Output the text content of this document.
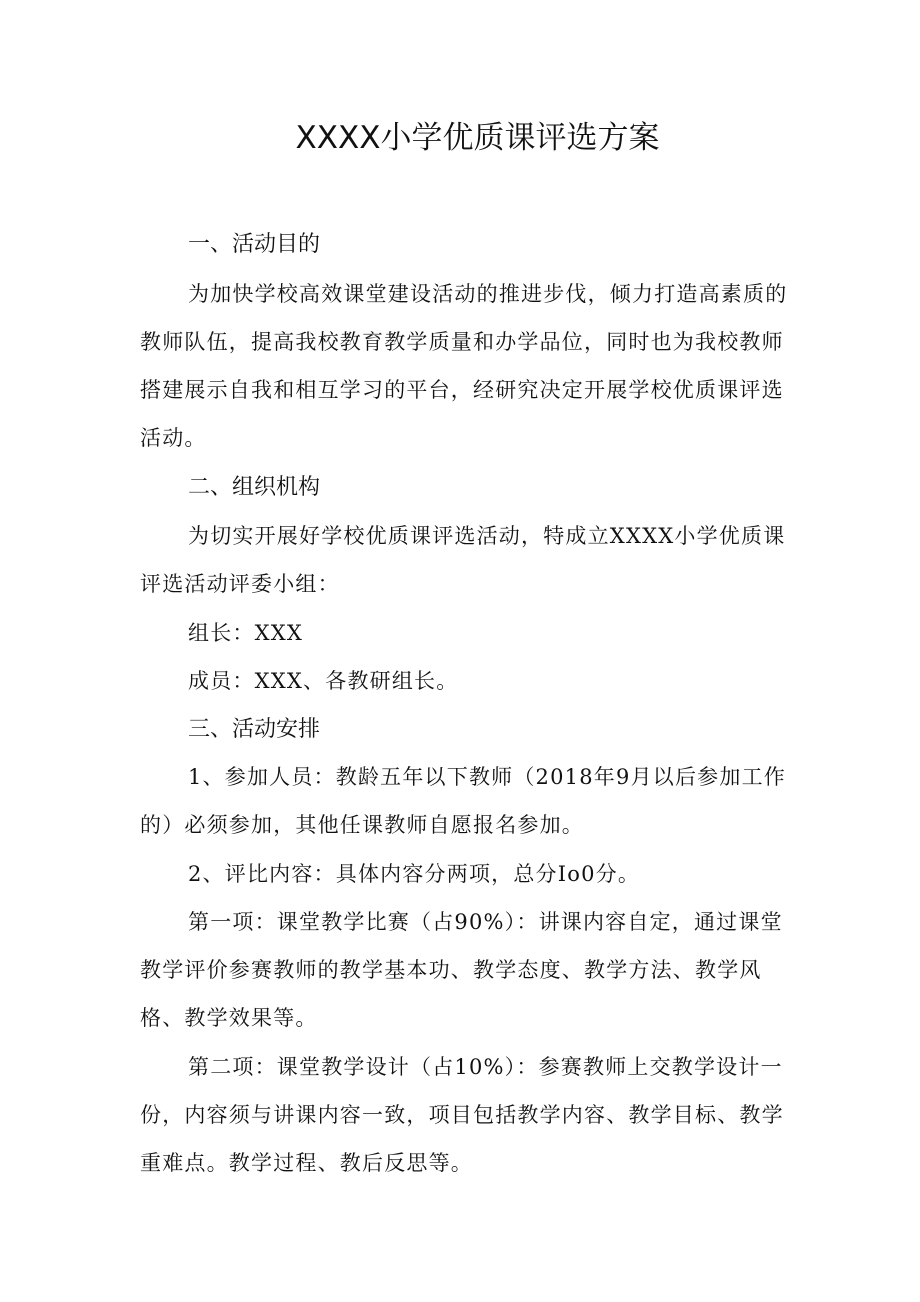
XXXX小学优质课评选方案
一、活动目的

为加快学校高效课堂建设活动的推进步伐，倾力打造高素质的教师队伍，提高我校教育教学质量和办学品位，同时也为我校教师搭建展示自我和相互学习的平台，经研究决定开展学校优质课评选活动。

二、组织机构

为切实开展好学校优质课评选活动，特成立XXXX小学优质课评选活动评委小组：

组长：XXX

成员：XXX、各教研组长。

三、活动安排

1、参加人员：教龄五年以下教师（2018年9月以后参加工作的）必须参加，其他任课教师自愿报名参加。

2、评比内容：具体内容分两项，总分Io0分。

第一项：课堂教学比赛（占90%）：讲课内容自定，通过课堂教学评价参赛教师的教学基本功、教学态度、教学方法、教学风格、教学效果等。

第二项：课堂教学设计（占10%）：参赛教师上交教学设计一份，内容须与讲课内容一致，项目包括教学内容、教学目标、教学重难点。教学过程、教后反思等。
